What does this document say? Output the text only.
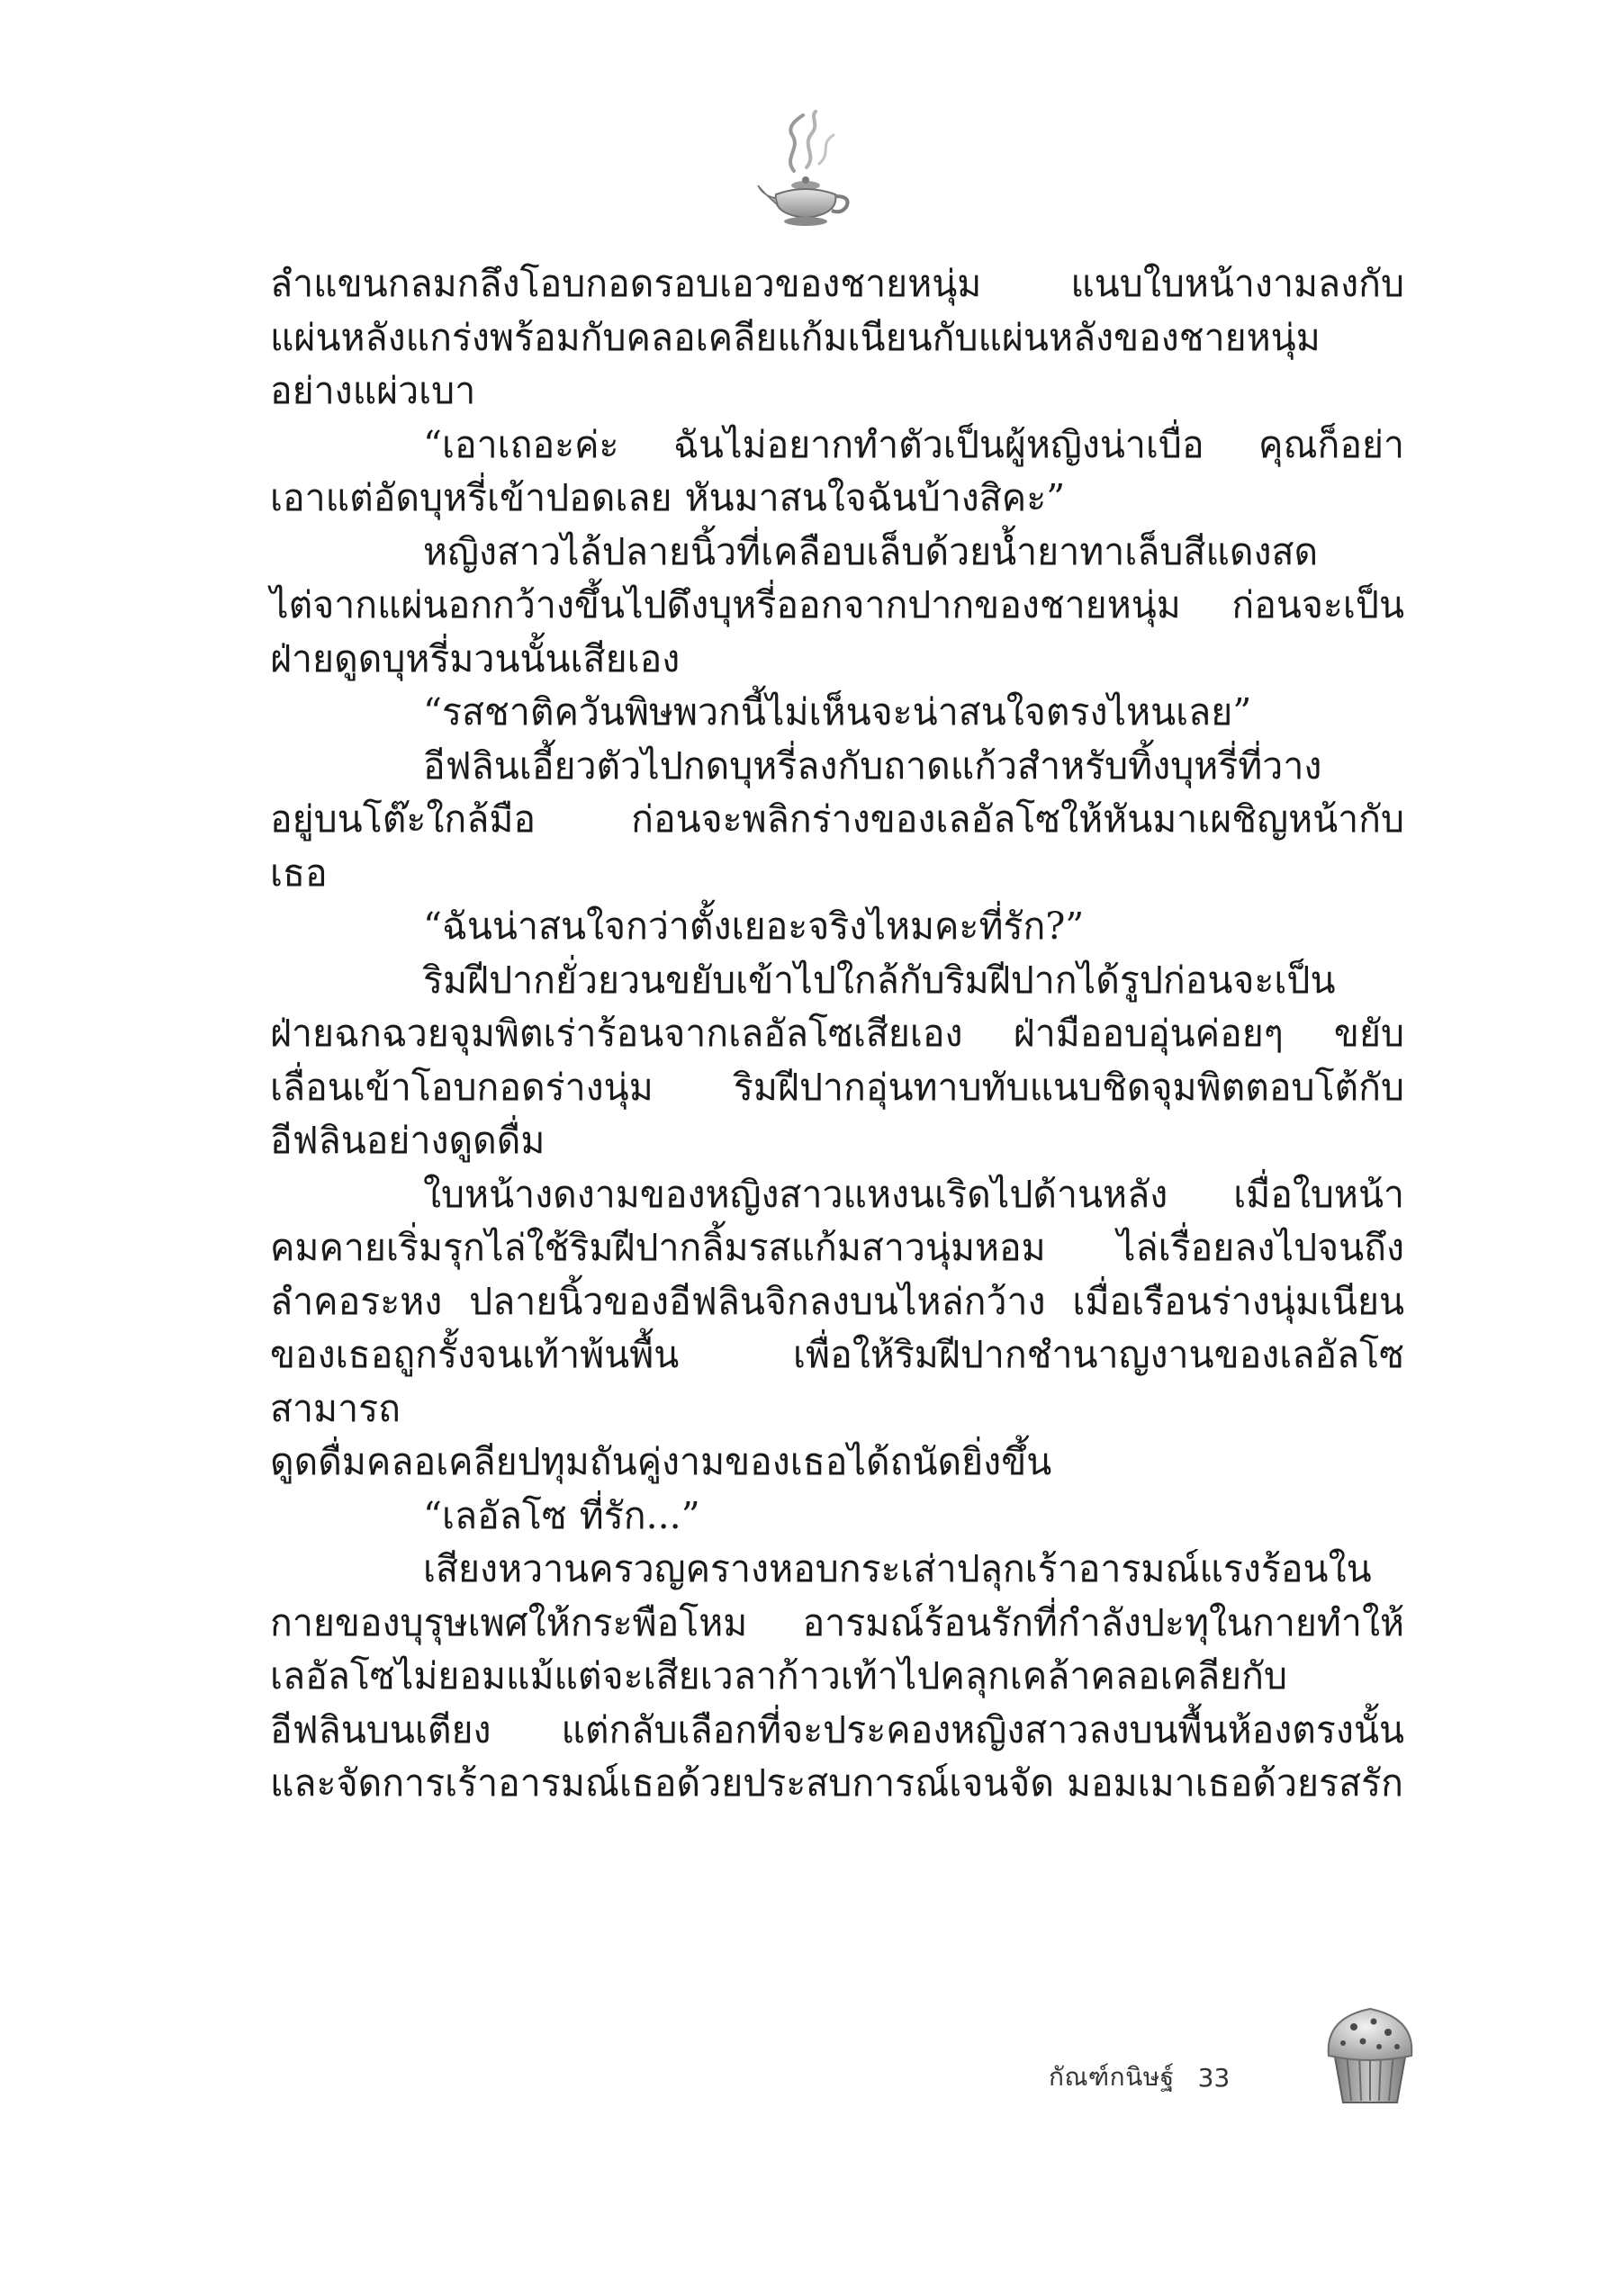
ลำแขนกลมกลึงโอบกอดรอบเอวของชายหนุ่ม แนบใบหน้างามลงกับ
แผ่นหลังแกร่งพร้อมกับคลอเคลียแก้มเนียนกับแผ่นหลังของชายหนุ่ม
อย่างแผ่วเบา
“เอาเถอะค่ะ ฉันไม่อยากทำตัวเป็นผู้หญิงน่าเบื่อ คุณก็อย่า
เอาแต่อัดบุหรี่เข้าปอดเลย หันมาสนใจฉันบ้างสิคะ”
หญิงสาวไล้ปลายนิ้วที่เคลือบเล็บด้วยน้ำยาทาเล็บสีแดงสด
ไต่จากแผ่นอกกว้างขึ้นไปดึงบุหรี่ออกจากปากของชายหนุ่ม ก่อนจะเป็น
ฝ่ายดูดบุหรี่มวนนั้นเสียเอง
“รสชาติควันพิษพวกนี้ไม่เห็นจะน่าสนใจตรงไหนเลย”
อีฟลินเอี้ยวตัวไปกดบุหรี่ลงกับถาดแก้วสำหรับทิ้งบุหรี่ที่วาง
อยู่บนโต๊ะใกล้มือ ก่อนจะพลิกร่างของเลอัลโซให้หันมาเผชิญหน้ากับ
เธอ
“ฉันน่าสนใจกว่าตั้งเยอะจริงไหมคะที่รัก?”
ริมฝีปากยั่วยวนขยับเข้าไปใกล้กับริมฝีปากได้รูปก่อนจะเป็น
ฝ่ายฉกฉวยจุมพิตเร่าร้อนจากเลอัลโซเสียเอง ฝ่ามืออบอุ่นค่อยๆ ขยับ
เลื่อนเข้าโอบกอดร่างนุ่ม ริมฝีปากอุ่นทาบทับแนบชิดจุมพิตตอบโต้กับ
อีฟลินอย่างดูดดื่ม
ใบหน้างดงามของหญิงสาวแหงนเริดไปด้านหลัง เมื่อใบหน้า
คมคายเริ่มรุกไล่ใช้ริมฝีปากลิ้มรสแก้มสาวนุ่มหอม ไล่เรื่อยลงไปจนถึง
ลำคอระหง ปลายนิ้วของอีฟลินจิกลงบนไหล่กว้าง เมื่อเรือนร่างนุ่มเนียน
ของเธอถูกรั้งจนเท้าพ้นพื้น เพื่อให้ริมฝีปากชำนาญงานของเลอัลโซสามารถ
ดูดดื่มคลอเคลียปทุมถันคู่งามของเธอได้ถนัดยิ่งขึ้น
“เลอัลโซ ที่รัก...”
เสียงหวานครวญครางหอบกระเส่าปลุกเร้าอารมณ์แรงร้อนใน
กายของบุรุษเพศให้กระพือโหม อารมณ์ร้อนรักที่กำลังปะทุในกายทำให้
เลอัลโซไม่ยอมแม้แต่จะเสียเวลาก้าวเท้าไปคลุกเคล้าคลอเคลียกับ
อีฟลินบนเตียง แต่กลับเลือกที่จะประคองหญิงสาวลงบนพื้นห้องตรงนั้น
และจัดการเร้าอารมณ์เธอด้วยประสบการณ์เจนจัด มอมเมาเธอด้วยรสรัก
กัณฑ์กนิษฐ์ 33
